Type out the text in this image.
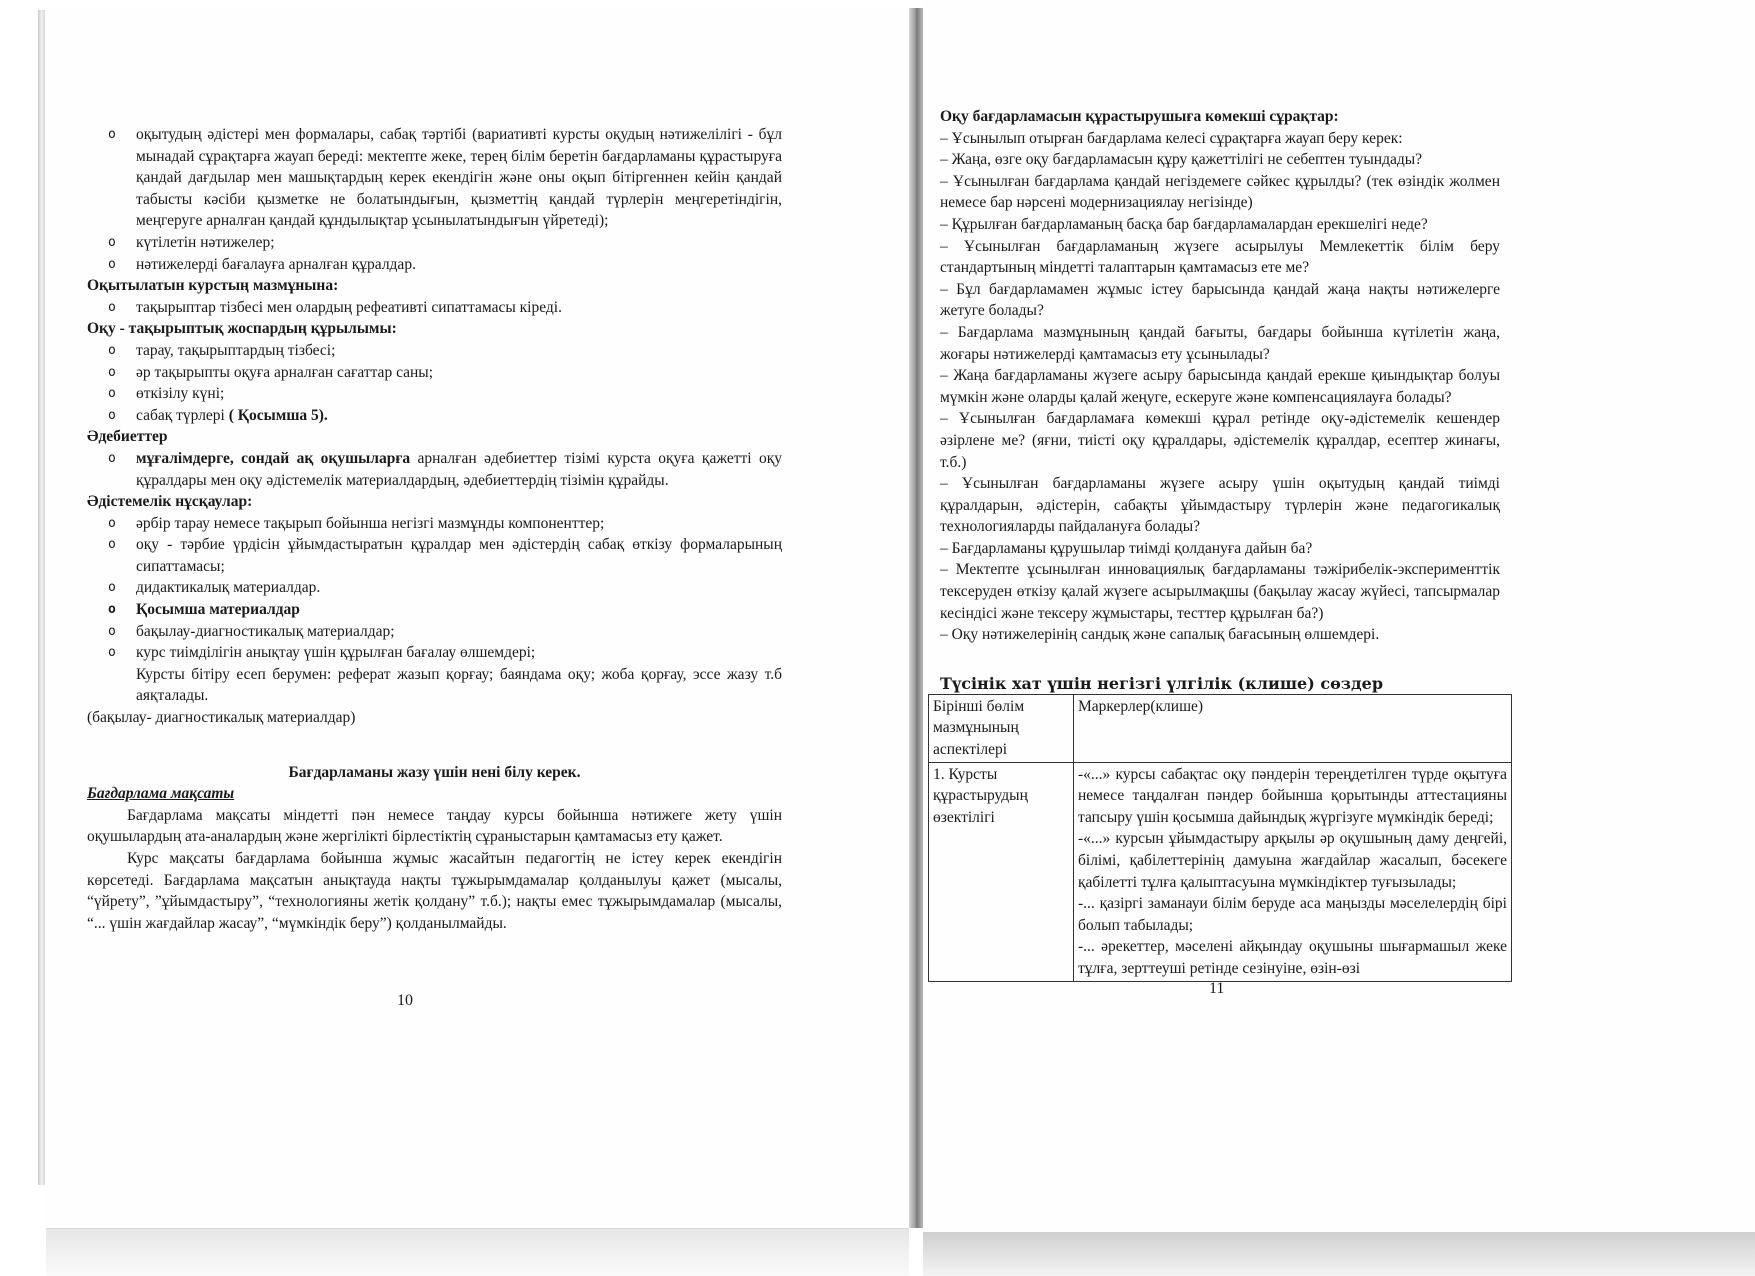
o оқытудың әдістері мен формалары, сабақ тәртібі (вариативті курсты оқудың нәтижелілігі - бұл мынадай сұрақтарға жауап береді: мектепте жеке, терең білім беретін бағдарламаны құрастыруға қандай дағдылар мен машықтардың керек екендігін және оны оқып бітіргеннен кейін қандай табысты кәсіби қызметке не болатындығын, қызметтің қандай түрлерін меңгеретіндігін, меңгеруге арналған қандай құндылықтар ұсынылатындығын үйретеді);
o күтілетін нәтижелер;
o нәтижелерді бағалауға арналған құралдар.
Оқытылатын курстың мазмұнына:
o тақырыптар тізбесі мен олардың рефеативті сипаттамасы кіреді.
Оқу - тақырыптық жоспардың құрылымы:
o тарау, тақырыптардың тізбесі;
o әр тақырыпты оқуға арналған сағаттар саны;
o өткізілу күні;
o сабақ түрлері ( Қосымша 5).
Әдебиеттер
o мұғалімдерге, сондай ақ оқушыларға арналған әдебиеттер тізімі курста оқуға қажетті оқу құралдары мен оқу әдістемелік материалдардың, әдебиеттердің тізімін құрайды.
Әдістемелік нұсқаулар:
o әрбір тарау немесе тақырып бойынша негізгі мазмұнды компоненттер;
o оқу - тәрбие үрдісін ұйымдастыратын құралдар мен әдістердің сабақ өткізу формаларының сипаттамасы;
o дидактикалық материалдар.
o Қосымша материалдар
o бақылау-диагностикалық материалдар;
o курс тиімділігін анықтау үшін құрылған бағалау өлшемдері;
Курсты бітіру есеп берумен: реферат жазып қорғау; баяндама оқу; жоба қорғау, эссе жазу т.б аяқталады.
(бақылау- диагностикалық материалдар)
Бағдарламаны жазу үшін нені білу керек.
Бағдарлама мақсаты
Бағдарлама мақсаты міндетті пән немесе таңдау курсы бойынша нәтижеге жету үшін оқушылардың ата-аналардың және жергілікті бірлестіктің сұраныстарын қамтамасыз ету қажет.
Курс мақсаты бағдарлама бойынша жұмыс жасайтын педагогтің не істеу керек екендігін көрсетеді. Бағдарлама мақсатын анықтауда нақты тұжырымдамалар қолданылуы қажет (мысалы, “үйрету”, ”ұйымдастыру”, “технологияны жетік қолдану” т.б.); нақты емес тұжырымдамалар (мысалы, “... үшін жағдайлар жасау”, “мүмкіндік беру”) қолданылмайды.
10

Оқу бағдарламасын құрастырушыға көмекші сұрақтар:

– Ұсынылып отырған бағдарлама келесі сұрақтарға жауап беру керек:

– Жаңа, өзге оқу бағдарламасын құру қажеттілігі не себептен туындады?

– Ұсынылған бағдарлама қандай негіздемеге сәйкес құрылды? (тек өзіндік жолмен немесе бар нәрсені модернизациялау негізінде)

– Құрылған бағдарламаның басқа бар бағдарламалардан ерекшелігі неде?

– Ұсынылған бағдарламаның жүзеге асырылуы Мемлекеттік білім беру стандартының міндетті талаптарын қамтамасыз ете ме?

– Бұл бағдарламамен жұмыс істеу барысында қандай жаңа нақты нәтижелерге жетуге болады?

– Бағдарлама мазмұнының қандай бағыты, бағдары бойынша күтілетін жаңа, жоғары нәтижелерді қамтамасыз ету ұсынылады?

– Жаңа бағдарламаны жүзеге асыру барысында қандай ерекше қиындықтар болуы мүмкін және оларды қалай жеңуге, ескеруге және компенсациялауға болады?

– Ұсынылған бағдарламаға көмекші құрал ретінде оқу-әдістемелік кешендер әзірлене ме? (яғни, тиісті оқу құралдары, әдістемелік құралдар, есептер жинағы, т.б.)

– Ұсынылған бағдарламаны жүзеге асыру үшін оқытудың қандай тиімді құралдарын, әдістерін, сабақты ұйымдастыру түрлерін және педагогикалық технологияларды пайдалануға болады?

– Бағдарламаны құрушылар тиімді қолдануға дайын ба?

– Мектепте ұсынылған инновациялық бағдарламаны тәжірибелік-эксперименттік тексеруден өткізу қалай жүзеге асырылмақшы (бақылау жасау жүйесі, тапсырмалар кесіндісі және тексеру жұмыстары, тесттер құрылған ба?)

– Оқу нәтижелерінің сандық және сапалық бағасының өлшемдері.

Түсінік хат үшін негізгі үлгілік (клише) сөздер
Бірінші бөлім мазмұнының аспектілері	Маркерлер(клише)
1. Курсты құрастырудың өзектілігі	-«...» курсы сабақтас оқу пәндерін тереңдетілген түрде оқытуға немесе таңдалған пәндер бойынша қорытынды аттестацияны тапсыру үшін қосымша дайындық жүргізуге мүмкіндік береді;
-«...» курсын ұйымдастыру арқылы әр оқушының даму деңгейі, білімі, қабілеттерінің дамуына жағдайлар жасалып, бәсекеге қабілетті тұлға қалыптасуына мүмкіндіктер туғызылады;
-... қазіргі заманауи білім беруде аса маңызды мәселелердің бірі болып табылады;
-... әрекеттер, мәселені айқындау оқушыны шығармашыл жеке тұлға, зерттеуші ретінде сезінуіне, өзін-өзі
11
